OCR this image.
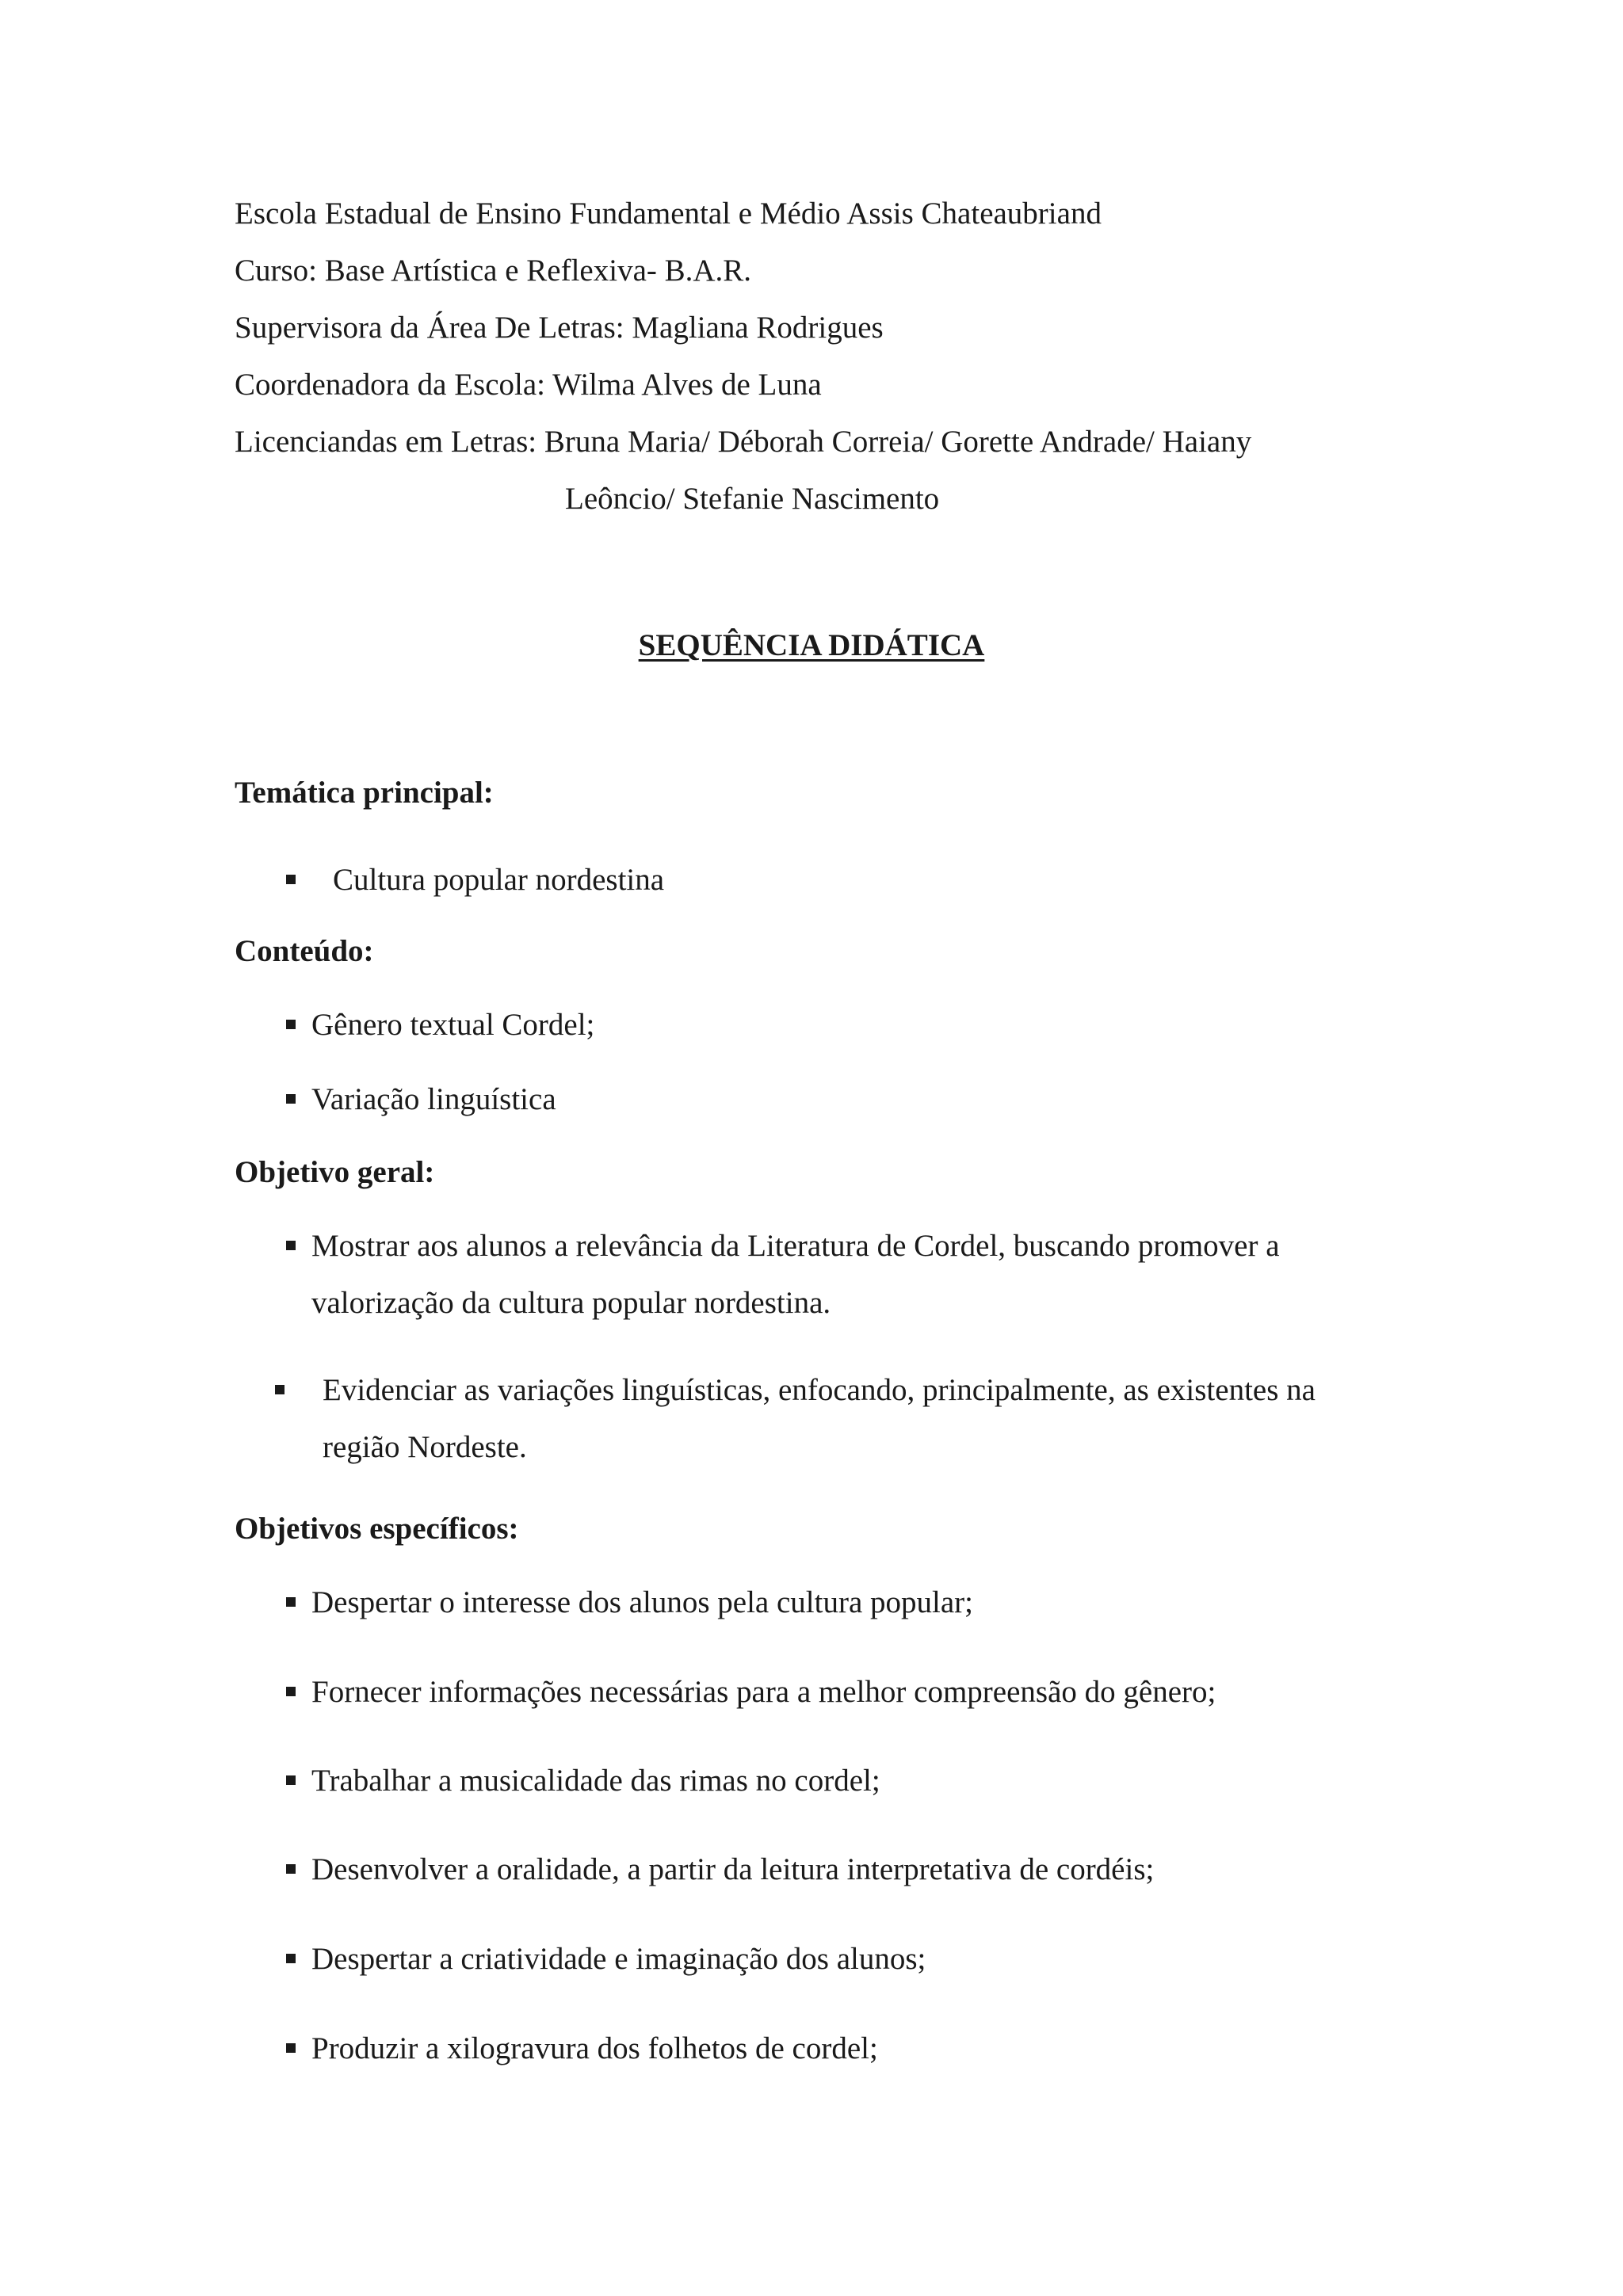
Escola Estadual de Ensino Fundamental e Médio Assis Chateaubriand
Curso: Base Artística e Reflexiva- B.A.R.
Supervisora da Área De Letras: Magliana Rodrigues
Coordenadora da Escola: Wilma Alves de Luna
Licenciandas em Letras: Bruna Maria/ Déborah Correia/ Gorette Andrade/ Haiany
Leôncio/ Stefanie Nascimento
SEQUÊNCIA DIDÁTICA
Temática principal:
Cultura popular nordestina
Conteúdo:
Gênero textual Cordel;
Variação linguística
Objetivo geral:
Mostrar aos alunos a relevância da Literatura de Cordel, buscando promover a
valorização da cultura popular nordestina.
Evidenciar as variações linguísticas, enfocando, principalmente, as existentes na
região Nordeste.
Objetivos específicos:
Despertar o interesse dos alunos pela cultura popular;
Fornecer informações necessárias para a melhor compreensão do gênero;
Trabalhar a musicalidade das rimas no cordel;
Desenvolver a oralidade, a partir da leitura interpretativa de cordéis;
Despertar a criatividade e imaginação dos alunos;
Produzir a xilogravura dos folhetos de cordel;
